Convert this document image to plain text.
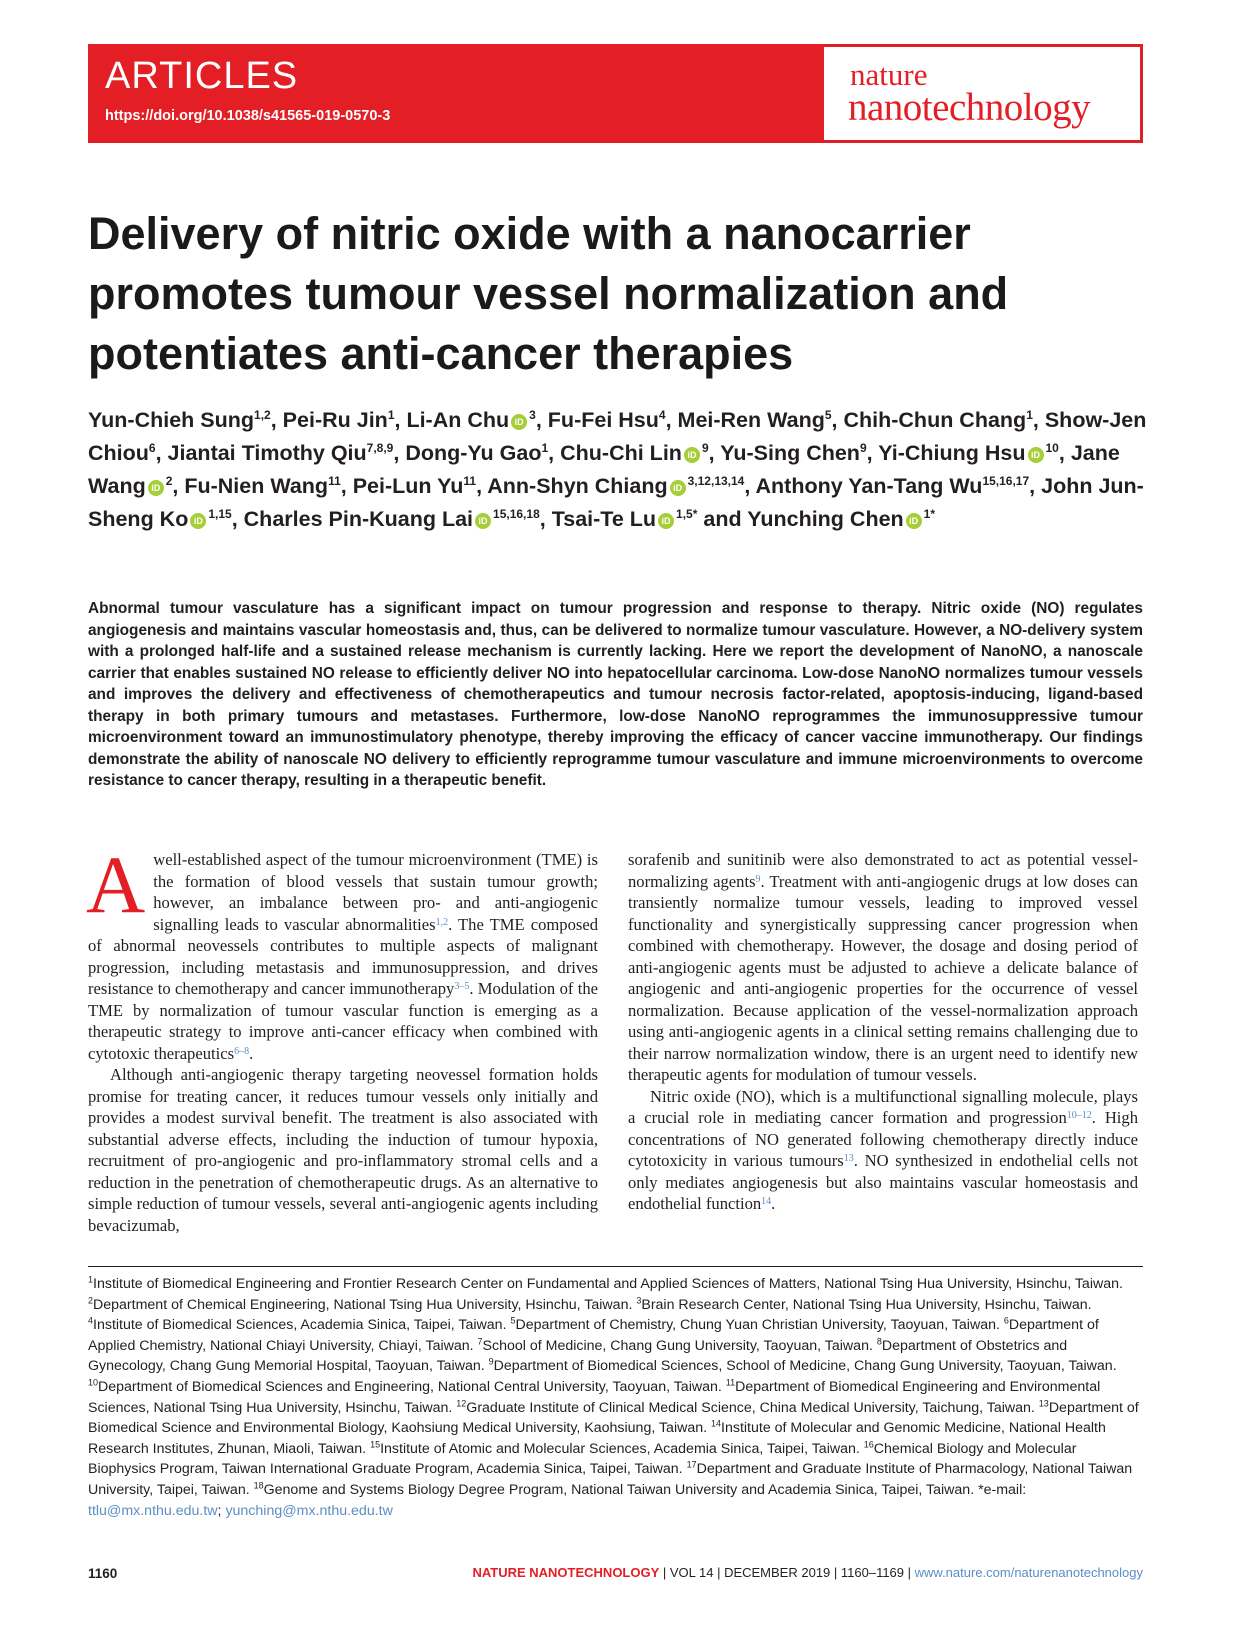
ARTICLES
https://doi.org/10.1038/s41565-019-0570-3
nature
nanotechnology
Delivery of nitric oxide with a nanocarrier promotes tumour vessel normalization and potentiates anti-cancer therapies
Yun-Chieh Sung$^{1,2}$, Pei-Ru Jin$^1$, Li-An Chu $iD^3$, Fu-Fei Hsu$^4$, Mei-Ren Wang$^5$, Chih-Chun Chang$^1$, Show-Jen Chiou$^6$, Jiantai Timothy Qiu$^{7,8,9}$, Dong-Yu Gao$^1$, Chu-Chi Lin $iD^9$, Yu-Sing Chen$^9$, Yi-Chiung Hsu $iD^{10}$, Jane Wang $iD^2$, Fu-Nien Wang$^{11}$, Pei-Lun Yu$^{11}$, Ann-Shyn Chiang iD$^{3,12,13,14}$, Anthony Yan-Tang Wu$^{15,16,17}$, John Jun-Sheng Ko iD$^{1,15}$, Charles Pin-Kuang Lai iD$^{15,16,18}$, Tsai-Te Lu $iD^{1,5*}$ and Yunching Chen $iD^{1*}$

Abnormal tumour vasculature has a significant impact on tumour progression and response to therapy. Nitric oxide (NO) regulates angiogenesis and maintains vascular homeostasis and, thus, can be delivered to normalize tumour vasculature. However, a NO-delivery system with a prolonged half-life and a sustained release mechanism is currently lacking. Here we report the development of NanoNO, a nanoscale carrier that enables sustained NO release to efficiently deliver NO into hepatocellular carcinoma. Low-dose NanoNO normalizes tumour vessels and improves the delivery and effectiveness of chemotherapeutics and tumour necrosis factor-related, apoptosis-inducing, ligand-based therapy in both primary tumours and metastases. Furthermore, low-dose NanoNO reprogrammes the immunosuppressive tumour microenvironment toward an immunostimulatory phenotype, thereby improving the efficacy of cancer vaccine immunotherapy. Our findings demonstrate the ability of nanoscale NO delivery to efficiently reprogramme tumour vasculature and immune microenvironments to overcome resistance to cancer therapy, resulting in a therapeutic benefit.

Awell-established aspect of the tumour microenvironment (TME) is the formation of blood vessels that sustain tumour growth; however, an imbalance between pro- and anti-angiogenic signalling leads to vascular abnormalities$^{1,2}$. The TME composed of abnormal neovessels contributes to multiple aspects of malignant progression, including metastasis and immunosuppression, and drives resistance to chemotherapy and cancer immunotherapy$^{3-5}$. Modulation of the TME by normalization of tumour vascular function is emerging as a therapeutic strategy to improve anti-cancer efficacy when combined with cytotoxic therapeutics$^{6-8}$.

Although anti-angiogenic therapy targeting neovessel formation holds promise for treating cancer, it reduces tumour vessels only initially and provides a modest survival benefit. The treatment is also associated with substantial adverse effects, including the induction of tumour hypoxia, recruitment of pro-angiogenic and pro-inflammatory stromal cells and a reduction in the penetration of chemotherapeutic drugs. As an alternative to simple reduction of tumour vessels, several anti-angiogenic agents including bevacizumab,

sorafenib and sunitinib were also demonstrated to act as potential vessel-normalizing agents$^9$. Treatment with anti-angiogenic drugs at low doses can transiently normalize tumour vessels, leading to improved vessel functionality and synergistically suppressing cancer progression when combined with chemotherapy. However, the dosage and dosing period of anti-angiogenic agents must be adjusted to achieve a delicate balance of angiogenic and anti-angiogenic properties for the occurrence of vessel normalization. Because application of the vessel-normalization approach using anti-angiogenic agents in a clinical setting remains challenging due to their narrow normalization window, there is an urgent need to identify new therapeutic agents for modulation of tumour vessels.

Nitric oxide (NO), which is a multifunctional signalling molecule, plays a crucial role in mediating cancer formation and progression$^{10-12}$. High concentrations of NO generated following chemotherapy directly induce cytotoxicity in various tumours$^{13}$. NO synthesized in endothelial cells not only mediates angiogenesis but also maintains vascular homeostasis and endothelial function$^{14}$.

$^1$Institute of Biomedical Engineering and Frontier Research Center on Fundamental and Applied Sciences of Matters, National Tsing Hua University, Hsinchu, Taiwan. $^2$Department of Chemical Engineering, National Tsing Hua University, Hsinchu, Taiwan. $^3$Brain Research Center, National Tsing Hua University, Hsinchu, Taiwan. $^4$Institute of Biomedical Sciences, Academia Sinica, Taipei, Taiwan. $^5$Department of Chemistry, Chung Yuan Christian University, Taoyuan, Taiwan. $^6$Department of Applied Chemistry, National Chiayi University, Chiayi, Taiwan. $^7$School of Medicine, Chang Gung University, Taoyuan, Taiwan. $^8$Department of Obstetrics and Gynecology, Chang Gung Memorial Hospital, Taoyuan, Taiwan. $^9$Department of Biomedical Sciences, School of Medicine, Chang Gung University, Taoyuan, Taiwan. $^{10}$Department of Biomedical Sciences and Engineering, National Central University, Taoyuan, Taiwan. $^{11}$Department of Biomedical Engineering and Environmental Sciences, National Tsing Hua University, Hsinchu, Taiwan. $^{12}$Graduate Institute of Clinical Medical Science, China Medical University, Taichung, Taiwan. $^{13}$Department of Biomedical Science and Environmental Biology, Kaohsiung Medical University, Kaohsiung, Taiwan. $^{14}$Institute of Molecular and Genomic Medicine, National Health Research Institutes, Zhunan, Miaoli, Taiwan. $^{15}$Institute of Atomic and Molecular Sciences, Academia Sinica, Taipei, Taiwan. $^{16}$Chemical Biology and Molecular Biophysics Program, Taiwan International Graduate Program, Academia Sinica, Taipei, Taiwan. $^{17}$Department and Graduate Institute of Pharmacology, National Taiwan University, Taipei, Taiwan. $^{18}$Genome and Systems Biology Degree Program, National Taiwan University and Academia Sinica, Taipei, Taiwan. *e-mail: ttlu@mx.nthu.edu.tw; yunching@mx.nthu.edu.tw
1160	NATURE NANOTECHNOLOGY | VOL 14 | DECEMBER 2019 | 1160–1169 | www.nature.com/naturenanotechnology
